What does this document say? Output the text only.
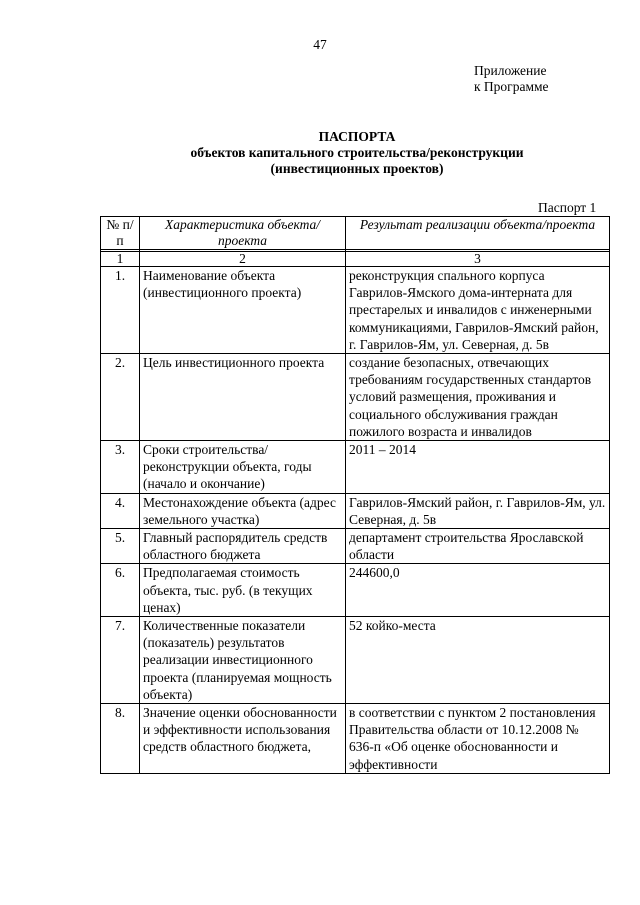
47
Приложение
к Программе
ПАСПОРТА
объектов капитального строительства/реконструкции
(инвестиционных проектов)
Паспорт 1
№ п/п	Характеристика объекта/проекта	Результат реализации объекта/проекта

1	2	3
1.	Наименование объекта (инвестиционного проекта)	реконструкция спального корпуса Гаврилов-Ямского дома-интерната для престарелых и инвалидов с инженерными коммуникациями, Гаврилов-Ямский район, г. Гаврилов-Ям, ул. Северная, д. 5в
2.	Цель инвестиционного проекта	создание безопасных, отвечающих требованиям государственных стандартов условий размещения, проживания и социального обслуживания граждан пожилого возраста и инвалидов
3.	Сроки строительства/реконструкции объекта, годы (начало и окончание)	2011 – 2014
4.	Местонахождение объекта (адрес земельного участка)	Гаврилов-Ямский район, г. Гаврилов-Ям, ул. Северная, д. 5в
5.	Главный распорядитель средств областного бюджета	департамент строительства Ярославской области
6.	Предполагаемая стоимость объекта, тыс. руб. (в текущих ценах)	244600,0
7.	Количественные показатели (показатель) результатов реализации инвестиционного проекта (планируемая мощность объекта)	52 койко-места
8.	Значение оценки обоснованности и эффективности использования средств областного бюджета,	в соответствии с пунктом 2 постановления Правительства области от 10.12.2008 № 636-п «Об оценке обоснованности и эффективности
